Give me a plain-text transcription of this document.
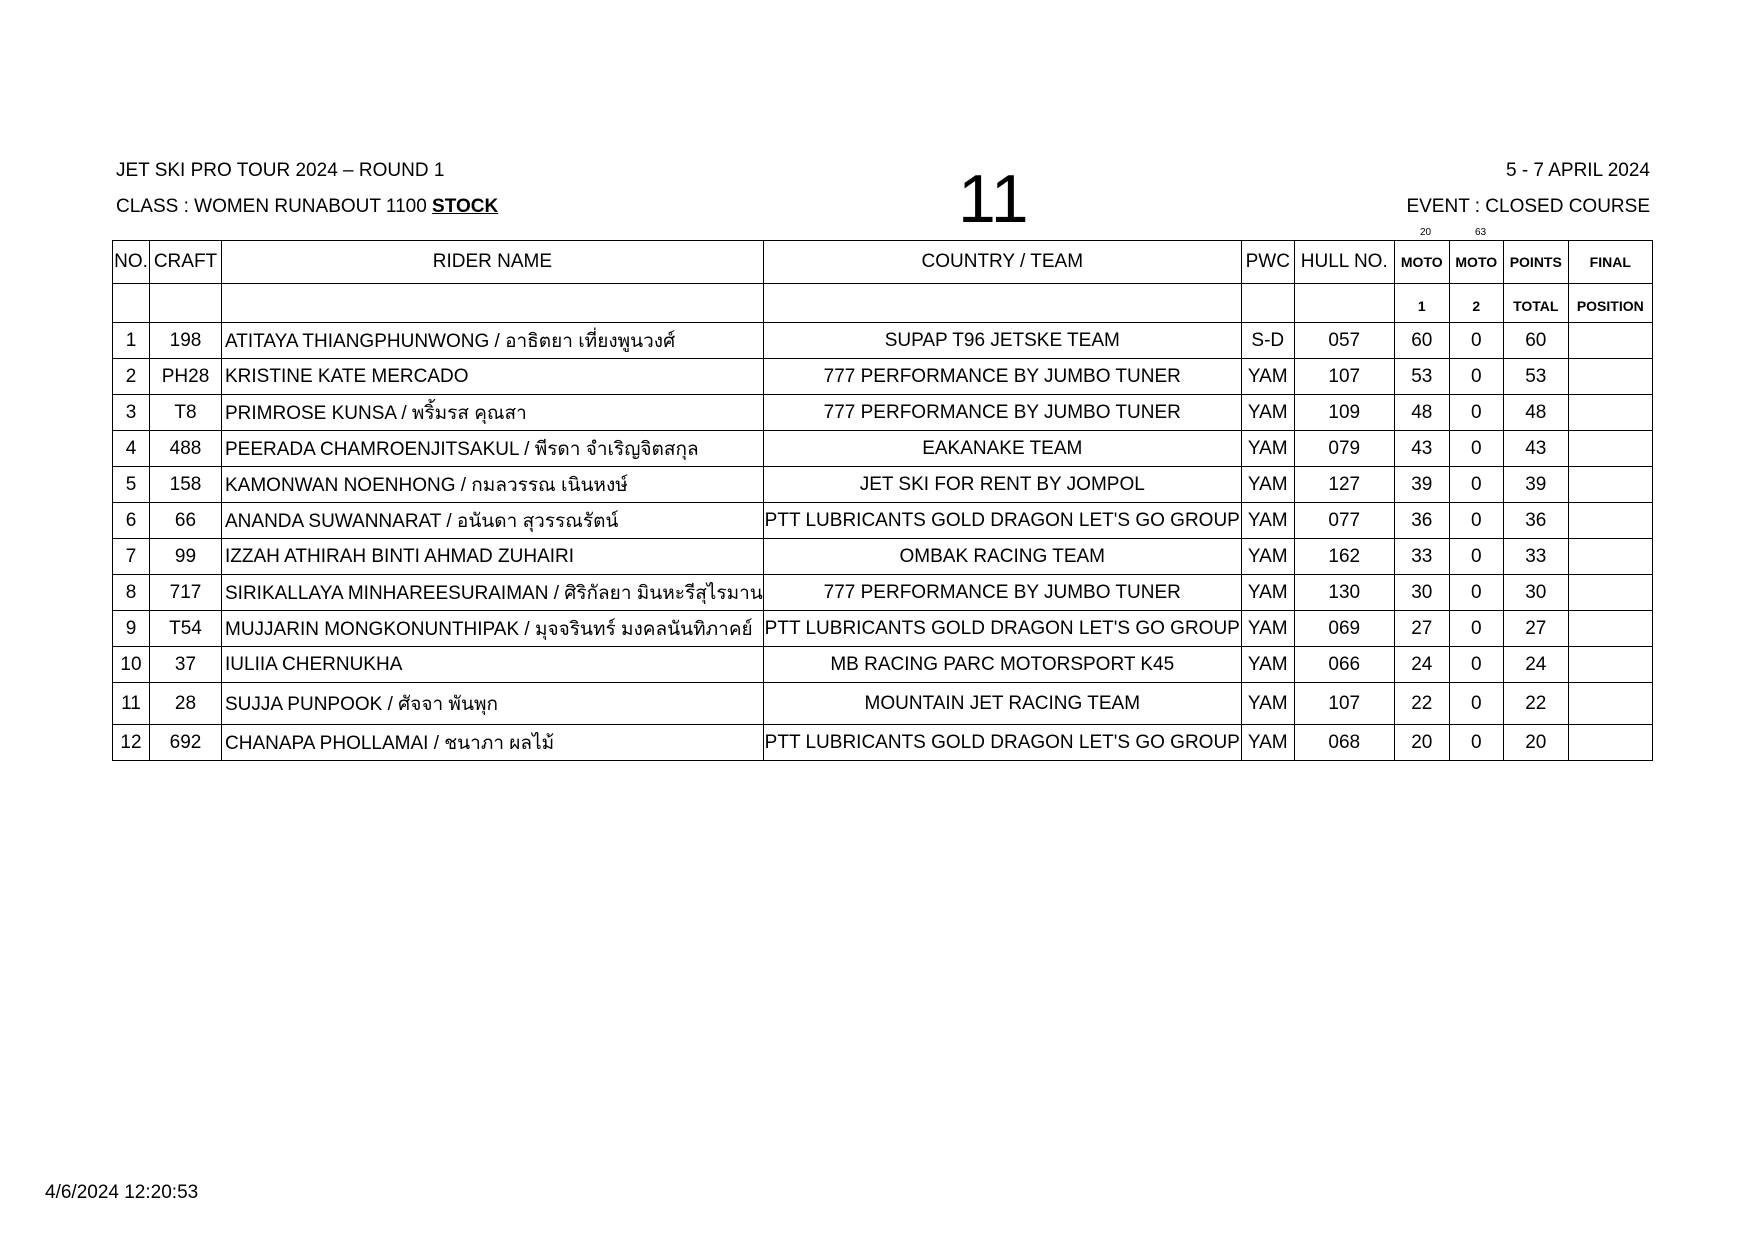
JET SKI PRO TOUR 2024 – ROUND 1
CLASS : WOMEN RUNABOUT 1100 STOCK	11	5 - 7 APRIL 2024
EVENT : CLOSED COURSE
20	63
NO.	CRAFT	RIDER NAME	COUNTRY / TEAM	PWC	HULL NO.	MOTO	MOTO	POINTS	FINAL
						1	2	TOTAL	POSITION
1	198	ATITAYA THIANGPHUNWONG / อาธิตยา เที่ยงพูนวงศ์	SUPAP T96 JETSKE TEAM	S-D	057	60	0	60	
2	PH28	KRISTINE KATE MERCADO	777 PERFORMANCE BY JUMBO TUNER	YAM	107	53	0	53	
3	T8	PRIMROSE KUNSA / พริ้มรส คุณสา	777 PERFORMANCE BY JUMBO TUNER	YAM	109	48	0	48	
4	488	PEERADA CHAMROENJITSAKUL / พีรดา จำเริญจิตสกุล	EAKANAKE TEAM	YAM	079	43	0	43	
5	158	KAMONWAN NOENHONG / กมลวรรณ เนินหงษ์	JET SKI FOR RENT BY JOMPOL	YAM	127	39	0	39	
6	66	ANANDA SUWANNARAT / อนันดา สุวรรณรัตน์	PTT LUBRICANTS GOLD DRAGON LET'S GO GROUP	YAM	077	36	0	36	
7	99	IZZAH ATHIRAH BINTI AHMAD ZUHAIRI	OMBAK RACING TEAM	YAM	162	33	0	33	
8	717	SIRIKALLAYA MINHAREESURAIMAN / ศิริกัลยา มินหะรีสุไรมาน	777 PERFORMANCE BY JUMBO TUNER	YAM	130	30	0	30	
9	T54	MUJJARIN MONGKONUNTHIPAK / มุจจรินทร์ มงคลนันทิภาคย์	PTT LUBRICANTS GOLD DRAGON LET'S GO GROUP	YAM	069	27	0	27	
10	37	IULIIA CHERNUKHA	MB RACING PARC MOTORSPORT K45	YAM	066	24	0	24	
11	28	SUJJA PUNPOOK / ศัจจา พันพุก	MOUNTAIN JET RACING TEAM	YAM	107	22	0	22	
12	692	CHANAPA PHOLLAMAI / ชนาภา ผลไม้	PTT LUBRICANTS GOLD DRAGON LET'S GO GROUP	YAM	068	20	0	20	
4/6/2024 12:20:53
